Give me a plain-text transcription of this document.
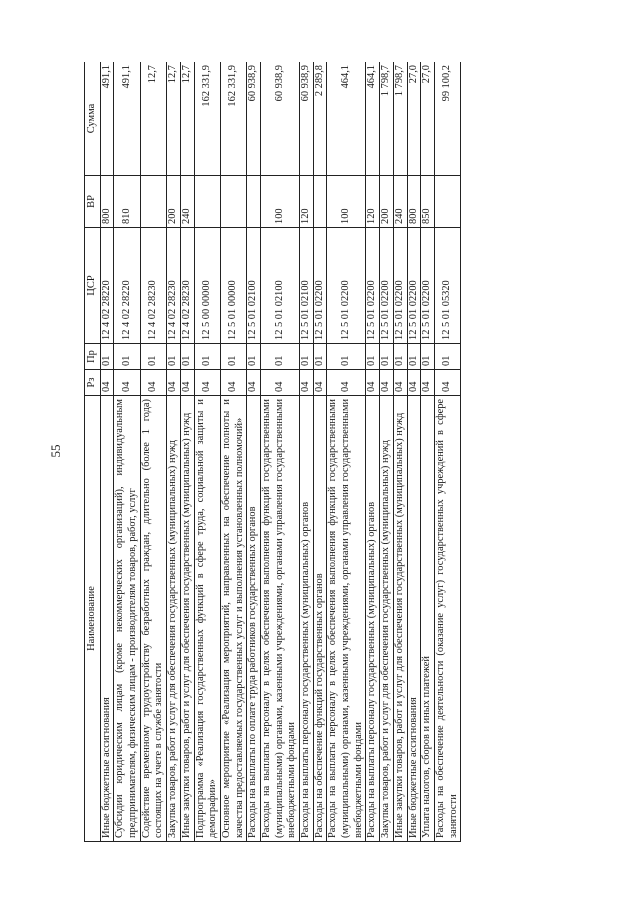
55
Наименование	Рз	Пр	ЦСР	ВР	Сумма
Иные бюджетные ассигнования	04	01	12 4 02 28220	800	491,1
Субсидии юридическим лицам (кроме некоммерческих организаций), индивидуальным предпринимателям, физическим лицам - производителям товаров, работ, услуг	04	01	12 4 02 28220	810	491,1
Содействие временному трудоустройству безработных граждан, длительно (более 1 года) состоящих на учете в службе занятости	04	01	12 4 02 28230		12,7
Закупка товаров, работ и услуг для обеспечения государственных (муниципальных) нужд	04	01	12 4 02 28230	200	12,7
Иные закупки товаров, работ и услуг для обеспечения государственных (муниципальных) нужд	04	01	12 4 02 28230	240	12,7
Подпрограмма «Реализация государственных функций в сфере труда, социальной защиты и демографии»	04	01	12 5 00 00000		162 331,9
Основное мероприятие «Реализация мероприятий, направленных на обеспечение полноты и качества предоставляемых государственных услуг и выполнения установленных полномочий»	04	01	12 5 01 00000		162 331,9
Расходы на выплаты по оплате труда работников государственных органов	04	01	12 5 01 02100		60 938,9
Расходы на выплаты персоналу в целях обеспечения выполнения функций государственными (муниципальными) органами, казенными учреждениями, органами управления государственными внебюджетными фондами	04	01	12 5 01 02100	100	60 938,9
Расходы на выплаты персоналу государственных (муниципальных) органов	04	01	12 5 01 02100	120	60 938,9
Расходы на обеспечение функций государственных органов	04	01	12 5 01 02200		2 289,8
Расходы на выплаты персоналу в целях обеспечения выполнения функций государственными (муниципальными) органами, казенными учреждениями, органами управления государственными внебюджетными фондами	04	01	12 5 01 02200	100	464,1
Расходы на выплаты персоналу государственных (муниципальных) органов	04	01	12 5 01 02200	120	464,1
Закупка товаров, работ и услуг для обеспечения государственных (муниципальных) нужд	04	01	12 5 01 02200	200	1 798,7
Иные закупки товаров, работ и услуг для обеспечения государственных (муниципальных) нужд	04	01	12 5 01 02200	240	1 798,7
Иные бюджетные ассигнования	04	01	12 5 01 02200	800	27,0
Уплата налогов, сборов и иных платежей	04	01	12 5 01 02200	850	27,0
Расходы на обеспечение деятельности (оказание услуг) государственных учреждений в сфере занятости	04	01	12 5 01 05320		99 100,2
